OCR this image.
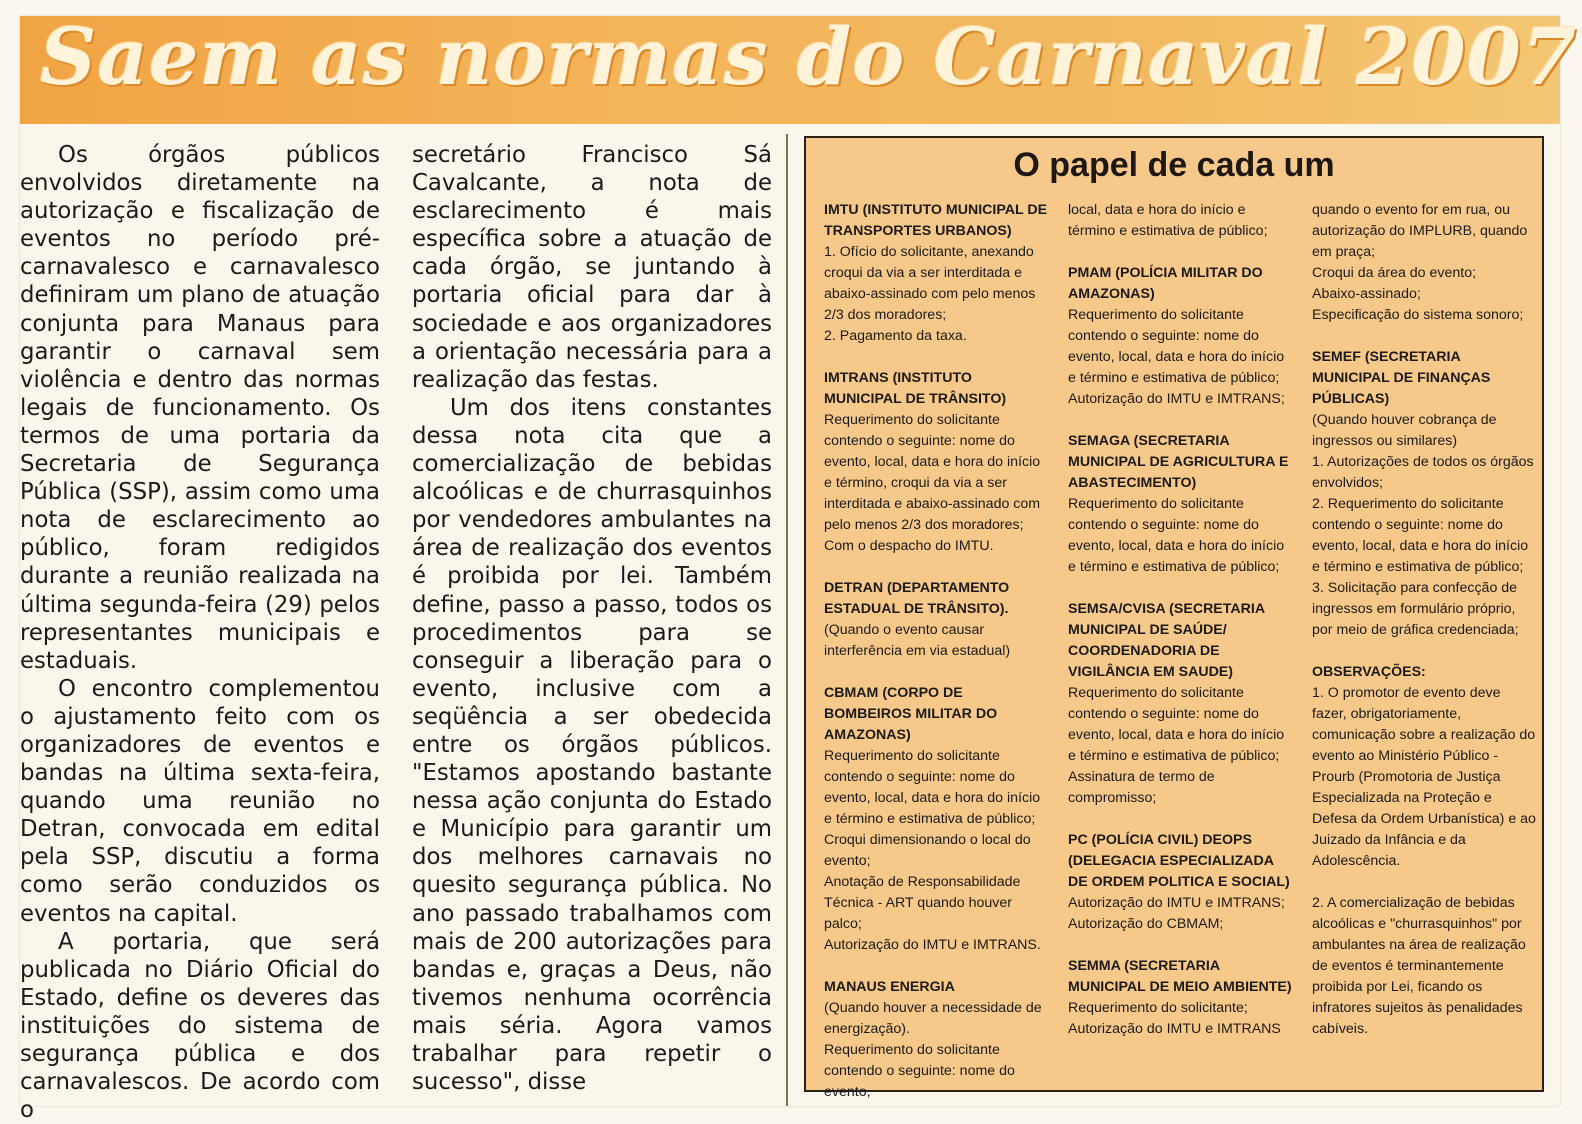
Saem as normas do Carnaval 2007

Os órgãos públicos envolvidos diretamente na autorização e fiscalização de eventos no período pré-carnavalesco e carnavalesco definiram um plano de atuação conjunta para Manaus para garantir o carnaval sem violência e dentro das normas legais de funcionamento. Os termos de uma portaria da Secretaria de Segurança Pública (SSP), assim como uma nota de esclarecimento ao público, foram redigidos durante a reunião realizada na última segunda-feira (29) pelos representantes municipais e estaduais.

O encontro complementou o ajustamento feito com os organizadores de eventos e bandas na última sexta-feira, quando uma reunião no Detran, convocada em edital pela SSP, discutiu a forma como serão conduzidos os eventos na capital.

A portaria, que será publicada no Diário Oficial do Estado, define os deveres das instituições do sistema de segurança pública e dos carnavalescos. De acordo com o

secretário Francisco Sá Cavalcante, a nota de esclarecimento é mais específica sobre a atuação de cada órgão, se juntando à portaria oficial para dar à sociedade e aos organizadores a orientação necessária para a realização das festas.

Um dos itens constantes dessa nota cita que a comercialização de bebidas alcoólicas e de churrasquinhos por vendedores ambulantes na área de realização dos eventos é proibida por lei. Também define, passo a passo, todos os procedimentos para se conseguir a liberação para o evento, inclusive com a seqüência a ser obedecida entre os órgãos públicos. "Estamos apostando bastante nessa ação conjunta do Estado e Município para garantir um dos melhores carnavais no quesito segurança pública. No ano passado trabalhamos com mais de 200 autorizações para bandas e, graças a Deus, não tivemos nenhuma ocorrência mais séria. Agora vamos trabalhar para repetir o sucesso", disse

O papel de cada um
IMTU (INSTITUTO MUNICIPAL DE TRANSPORTES URBANOS)
1. Ofício do solicitante, anexando croqui da via a ser interditada e abaixo-assinado com pelo menos 2/3 dos moradores;
2. Pagamento da taxa.
IMTRANS (INSTITUTO MUNICIPAL DE TRÂNSITO)
Requerimento do solicitante contendo o seguinte: nome do evento, local, data e hora do início e término, croqui da via a ser interditada e abaixo-assinado com pelo menos 2/3 dos moradores;
Com o despacho do IMTU.
DETRAN (DEPARTAMENTO ESTADUAL DE TRÂNSITO).
(Quando o evento causar interferência em via estadual)
CBMAM (CORPO DE BOMBEIROS MILITAR DO AMAZONAS)
Requerimento do solicitante contendo o seguinte: nome do evento, local, data e hora do início e término e estimativa de público;
Croqui dimensionando o local do evento;
Anotação de Responsabilidade Técnica - ART quando houver palco;
Autorização do IMTU e IMTRANS.
MANAUS ENERGIA
(Quando houver a necessidade de energização).
Requerimento do solicitante contendo o seguinte: nome do evento,
local, data e hora do início e término e estimativa de público;
PMAM (POLÍCIA MILITAR DO AMAZONAS)
Requerimento do solicitante contendo o seguinte: nome do evento, local, data e hora do início e término e estimativa de público;
Autorização do IMTU e IMTRANS;
SEMAGA (SECRETARIA MUNICIPAL DE AGRICULTURA E ABASTECIMENTO)
Requerimento do solicitante contendo o seguinte: nome do evento, local, data e hora do início e término e estimativa de público;
SEMSA/CVISA (SECRETARIA MUNICIPAL DE SAÚDE/ COORDENADORIA DE VIGILÂNCIA EM SAUDE)
Requerimento do solicitante contendo o seguinte: nome do evento, local, data e hora do início e término e estimativa de público;
Assinatura de termo de compromisso;
PC (POLÍCIA CIVIL) DEOPS (DELEGACIA ESPECIALIZADA DE ORDEM POLITICA E SOCIAL)
Autorização do IMTU e IMTRANS;
Autorização do CBMAM;
SEMMA (SECRETARIA MUNICIPAL DE MEIO AMBIENTE)
Requerimento do solicitante;
Autorização do IMTU e IMTRANS
quando o evento for em rua, ou autorização do IMPLURB, quando em praça;
Croqui da área do evento;
Abaixo-assinado;
Especificação do sistema sonoro;
SEMEF (SECRETARIA MUNICIPAL DE FINANÇAS PÚBLICAS)
(Quando houver cobrança de ingressos ou similares)
1. Autorizações de todos os órgãos envolvidos;
2. Requerimento do solicitante contendo o seguinte: nome do evento, local, data e hora do início e término e estimativa de público;
3. Solicitação para confecção de ingressos em formulário próprio, por meio de gráfica credenciada;
OBSERVAÇÕES:
1. O promotor de evento deve fazer, obrigatoriamente, comunicação sobre a realização do evento ao Ministério Público - Prourb (Promotoria de Justiça Especializada na Proteção e Defesa da Ordem Urbanística) e ao Juizado da Infância e da Adolescência.
2. A comercialização de bebidas alcoólicas e "churrasquinhos" por ambulantes na área de realização de eventos é terminantemente proibida por Lei, ficando os infratores sujeitos às penalidades cabíveis.
